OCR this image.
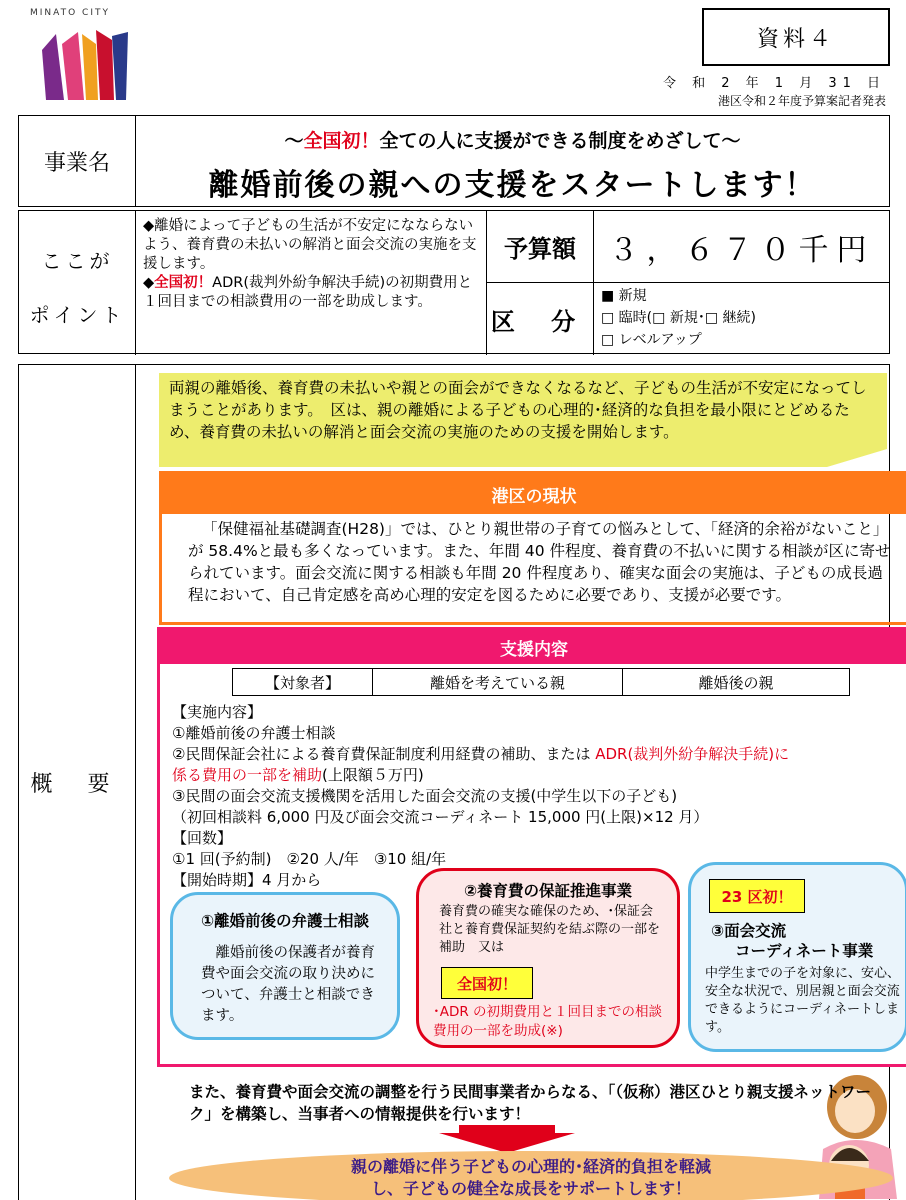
MINATO CITY
資料４
令 和 2 年 1 月 31 日
港区令和２年度予算案記者発表
事業名
～全国初！全ての人に支援ができる制度をめざして～
離婚前後の親への支援をスタートします！
ここが
ポイント
◆離婚によって子どもの生活が不安定になならないよう、養育費の未払いの解消と面会交流の実施を支援します。
◆全国初！ADR(裁判外紛争解決手続)の初期費用と１回目までの相談費用の一部を助成します。
予算額	３，６７０千円
区 分
■ 新規
□ 臨時(□ 新規･□ 継続)
□ レベルアップ
概 要
両親の離婚後、養育費の未払いや親との面会ができなくなるなど、子どもの生活が不安定になってしまうことがあります。　区は、親の離婚による子どもの心理的･経済的な負担を最小限にとどめるため、養育費の未払いの解消と面会交流の実施のための支援を開始します。
港区の現状
「保健福祉基礎調査(H28)」では、ひとり親世帯の子育ての悩みとして、「経済的余裕がないこと」が 58.4%と最も多くなっています。また、年間 40 件程度、養育費の不払いに関する相談が区に寄せられています。面会交流に関する相談も年間 20 件程度あり、確実な面会の実施は、子どもの成長過程において、自己肯定感を高め心理的安定を図るために必要であり、支援が必要です。
支援内容
【対象者】	離婚を考えている親	離婚後の親
【実施内容】
①離婚前後の弁護士相談
②民間保証会社による養育費保証制度利用経費の補助、または ADR(裁判外紛争解決手続)に係る費用の一部を補助(上限額５万円)
③民間の面会交流支援機関を活用した面会交流の支援(中学生以下の子ども)
（初回相談料 6,000 円及び面会交流コーディネート 15,000 円(上限)×12 月）
【回数】
①1 回(予約制)　②20 人/年　③10 組/年
【開始時期】4 月から
①離婚前後の弁護士相談
　離婚前後の保護者が養育費や面会交流の取り決めについて、弁護士と相談できます。
②養育費の保証推進事業
養育費の確実な確保のため、･保証会社と養育費保証契約を結ぶ際の一部を補助　又は
全国初！
･ADR の初期費用と１回目までの相談費用の一部を助成(※)
23 区初！
③面会交流
コーディネート事業
中学生までの子を対象に、安心、安全な状況で、別居親と面会交流できるようにコーディネートします。
また、養育費や面会交流の調整を行う民間事業者からなる、「（仮称）港区ひとり親支援ネットワーク」を構築し、当事者への情報提供を行います！
親の離婚に伴う子どもの心理的･経済的負担を軽減し、子どもの健全な成長をサポートします！
